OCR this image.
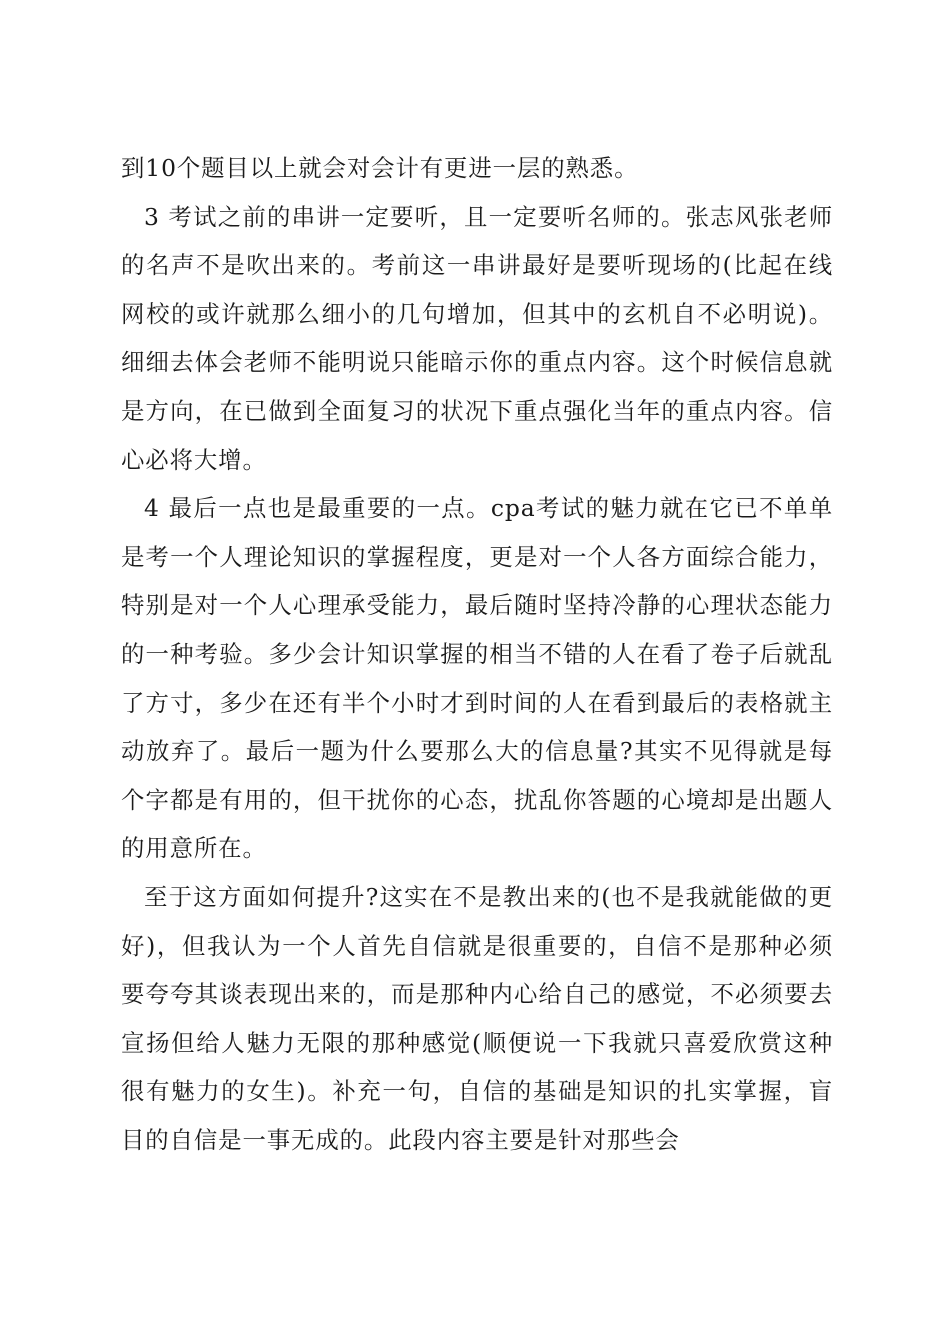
到10个题目以上就会对会计有更进一层的熟悉。

3 考试之前的串讲一定要听，且一定要听名师的。张志风张老师的名声不是吹出来的。考前这一串讲最好是要听现场的(比起在线网校的或许就那么细小的几句增加，但其中的玄机自不必明说)。细细去体会老师不能明说只能暗示你的重点内容。这个时候信息就是方向，在已做到全面复习的状况下重点强化当年的重点内容。信心必将大增。

4 最后一点也是最重要的一点。cpa考试的魅力就在它已不单单是考一个人理论知识的掌握程度，更是对一个人各方面综合能力，特别是对一个人心理承受能力，最后随时坚持冷静的心理状态能力的一种考验。多少会计知识掌握的相当不错的人在看了卷子后就乱了方寸，多少在还有半个小时才到时间的人在看到最后的表格就主动放弃了。最后一题为什么要那么大的信息量?其实不见得就是每个字都是有用的，但干扰你的心态，扰乱你答题的心境却是出题人的用意所在。

至于这方面如何提升?这实在不是教出来的(也不是我就能做的更好)，但我认为一个人首先自信就是很重要的，自信不是那种必须要夸夸其谈表现出来的，而是那种内心给自己的感觉，不必须要去宣扬但给人魅力无限的那种感觉(顺便说一下我就只喜爱欣赏这种很有魅力的女生)。补充一句，自信的基础是知识的扎实掌握，盲目的自信是一事无成的。此段内容主要是针对那些会
